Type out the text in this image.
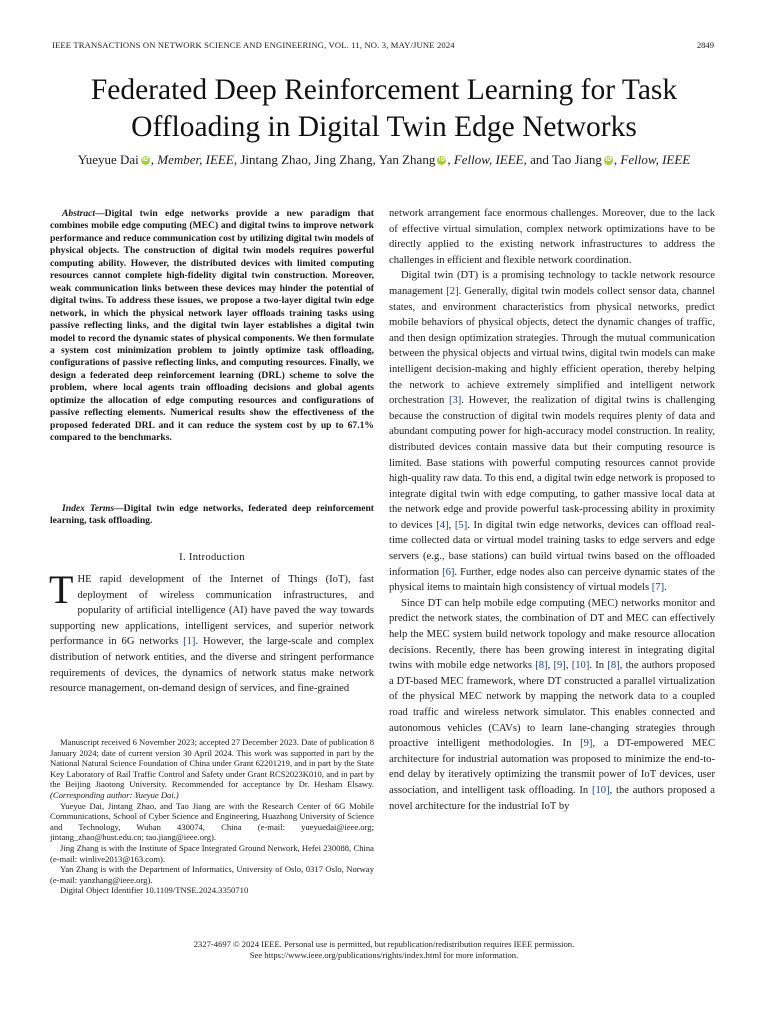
IEEE TRANSACTIONS ON NETWORK SCIENCE AND ENGINEERING, VOL. 11, NO. 3, MAY/JUNE 2024	2849
Federated Deep Reinforcement Learning for Task Offloading in Digital Twin Edge Networks
Yueyue Dai iD , Member, IEEE, Jintang Zhao, Jing Zhang, Yan Zhang iD , Fellow, IEEE, and Tao Jiang iD , Fellow, IEEE

Abstract—Digital twin edge networks provide a new paradigm that combines mobile edge computing (MEC) and digital twins to improve network performance and reduce communication cost by utilizing digital twin models of physical objects. The construction of digital twin models requires powerful computing ability. However, the distributed devices with limited computing resources cannot complete high-fidelity digital twin construction. Moreover, weak communication links between these devices may hinder the potential of digital twins. To address these issues, we propose a two-layer digital twin edge network, in which the physical network layer offloads training tasks using passive reflecting links, and the digital twin layer establishes a digital twin model to record the dynamic states of physical components. We then formulate a system cost minimization problem to jointly optimize task offloading, configurations of passive reflecting links, and computing resources. Finally, we design a federated deep reinforcement learning (DRL) scheme to solve the problem, where local agents train offloading decisions and global agents optimize the allocation of edge computing resources and configurations of passive reflecting elements. Numerical results show the effectiveness of the proposed federated DRL and it can reduce the system cost by up to 67.1% compared to the benchmarks.

Index Terms—Digital twin edge networks, federated deep reinforcement learning, task offloading.

I. Introduction

THE rapid development of the Internet of Things (IoT), fast deployment of wireless communication infrastructures, and popularity of artificial intelligence (AI) have paved the way towards supporting new applications, intelligent services, and superior network performance in 6G networks [1]. However, the large-scale and complex distribution of network entities, and the diverse and stringent performance requirements of devices, the dynamics of network status make network resource management, on-demand design of services, and fine-grained

Manuscript received 6 November 2023; accepted 27 December 2023. Date of publication 8 January 2024; date of current version 30 April 2024. This work was supported in part by the National Natural Science Foundation of China under Grant 62201219, and in part by the State Key Laboratory of Rail Traffic Control and Safety under Grant RCS2023K010, and in part by the Beijing Jiaotong University. Recommended for acceptance by Dr. Hesham Elsawy. (Corresponding author: Yueyue Dai.)

Yueyue Dai, Jintang Zhao, and Tao Jiang are with the Research Center of 6G Mobile Communications, School of Cyber Science and Engineering, Huazhong University of Science and Technology, Wuhan 430074, China (e-mail: yueyuedai@ieee.org; jintang_zhao@hust.edu.cn; tao.jiang@ieee.org).

Jing Zhang is with the Institute of Space Integrated Ground Network, Hefei 230088, China (e-mail: winlive2013@163.com).

Yan Zhang is with the Department of Informatics, University of Oslo, 0317 Oslo, Norway (e-mail: yanzhang@ieee.org).

Digital Object Identifier 10.1109/TNSE.2024.3350710

network arrangement face enormous challenges. Moreover, due to the lack of effective virtual simulation, complex network optimizations have to be directly applied to the existing network infrastructures to address the challenges in efficient and flexible network coordination.

Digital twin (DT) is a promising technology to tackle network resource management [2]. Generally, digital twin models collect sensor data, channel states, and environment characteristics from physical networks, predict mobile behaviors of physical objects, detect the dynamic changes of traffic, and then design optimization strategies. Through the mutual communication between the physical objects and virtual twins, digital twin models can make intelligent decision-making and highly efficient operation, thereby helping the network to achieve extremely simplified and intelligent network orchestration [3]. However, the realization of digital twins is challenging because the construction of digital twin models requires plenty of data and abundant computing power for high-accuracy model construction. In reality, distributed devices contain massive data but their computing resource is limited. Base stations with powerful computing resources cannot provide high-quality raw data. To this end, a digital twin edge network is proposed to integrate digital twin with edge computing, to gather massive local data at the network edge and provide powerful task-processing ability in proximity to devices [4], [5]. In digital twin edge networks, devices can offload real-time collected data or virtual model training tasks to edge servers and edge servers (e.g., base stations) can build virtual twins based on the offloaded information [6]. Further, edge nodes also can perceive dynamic states of the physical items to maintain high consistency of virtual models [7].

Since DT can help mobile edge computing (MEC) networks monitor and predict the network states, the combination of DT and MEC can effectively help the MEC system build network topology and make resource allocation decisions. Recently, there has been growing interest in integrating digital twins with mobile edge networks [8], [9], [10]. In [8], the authors proposed a DT-based MEC framework, where DT constructed a parallel virtualization of the physical MEC network by mapping the network data to a coupled road traffic and wireless network simulator. This enables connected and autonomous vehicles (CAVs) to learn lane-changing strategies through proactive intelligent methodologies. In [9], a DT-empowered MEC architecture for industrial automation was proposed to minimize the end-to-end delay by iteratively optimizing the transmit power of IoT devices, user association, and intelligent task offloading. In [10], the authors proposed a novel architecture for the industrial IoT by

2327-4697 © 2024 IEEE. Personal use is permitted, but republication/redistribution requires IEEE permission.
See https://www.ieee.org/publications/rights/index.html for more information.
